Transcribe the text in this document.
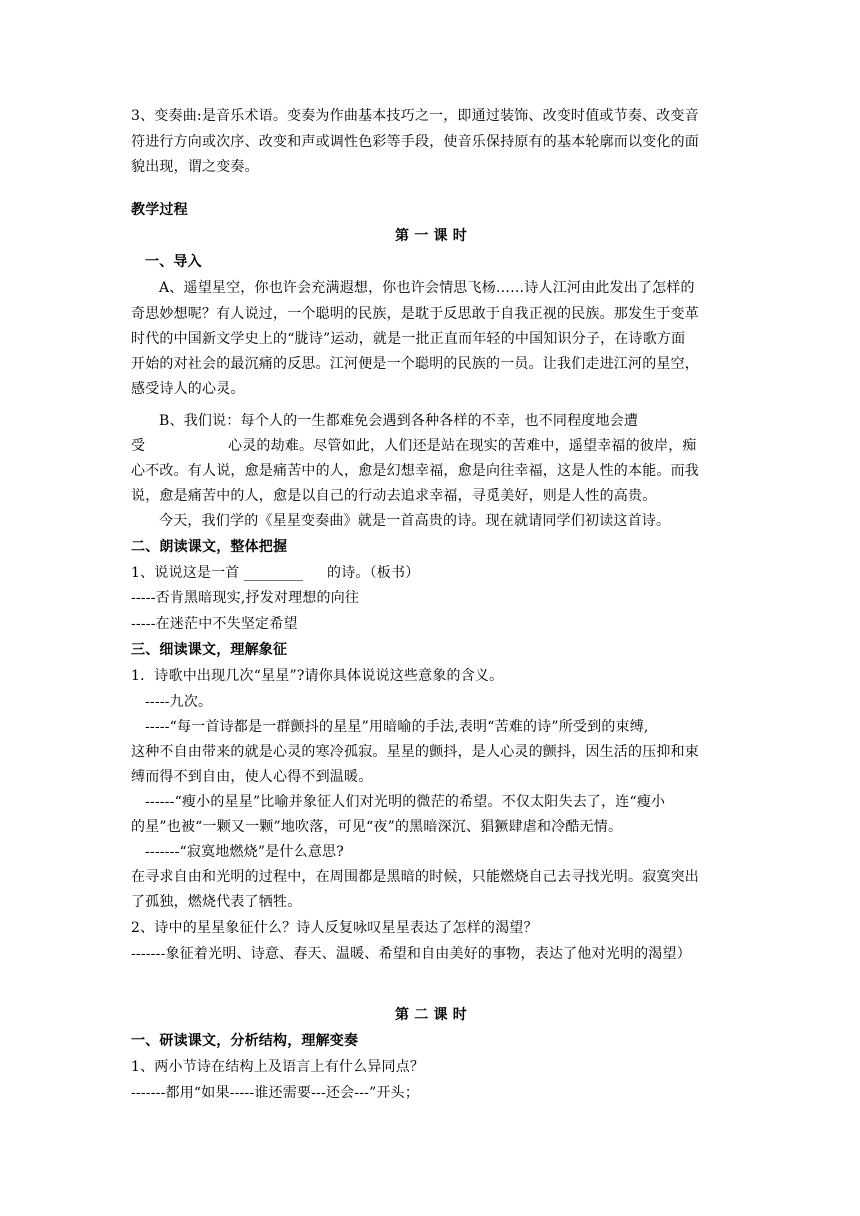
3、变奏曲:是音乐术语。变奏为作曲基本技巧之一，即通过装饰、改变时值或节奏、改变音
符进行方向或次序、改变和声或调性色彩等手段，使音乐保持原有的基本轮廓而以变化的面
貌出现，谓之变奏。
教学过程
第 一 课 时
一、导入
A、遥望星空，你也许会充满遐想，你也许会情思飞杨……诗人江河由此发出了怎样的
奇思妙想呢？有人说过，一个聪明的民族，是耽于反思敢于自我正视的民族。那发生于变革
时代的中国新文学史上的“胧诗”运动，就是一批正直而年轻的中国知识分子，在诗歌方面
开始的对社会的最沉痛的反思。江河便是一个聪明的民族的一员。让我们走进江河的星空，
感受诗人的心灵。
B、我们说：每个人的一生都难免会遇到各种各样的不幸，也不同程度地会遭
受	心灵的劫难。尽管如此，人们还是站在现实的苦难中，遥望幸福的彼岸，痴
心不改。有人说，愈是痛苦中的人，愈是幻想幸福，愈是向往幸福，这是人性的本能。而我
说，愈是痛苦中的人，愈是以自己的行动去追求幸福，寻觅美好，则是人性的高贵。
今天，我们学的《星星变奏曲》就是一首高贵的诗。现在就请同学们初读这首诗。
二、朗读课文，整体把握
1、说说这是一首 _______	的诗。（板书）
-----否肯黑暗现实,抒发对理想的向往
-----在迷茫中不失坚定希望
三、细读课文，理解象征
1．诗歌中出现几次“星星”?请你具体说说这些意象的含义。
-----九次。
-----“每一首诗都是一群颤抖的星星”用暗喻的手法,表明“苦难的诗”所受到的束缚,
这种不自由带来的就是心灵的寒冷孤寂。星星的颤抖，是人心灵的颤抖，因生活的压抑和束
缚而得不到自由，使人心得不到温暖。
------“瘦小的星星”比喻并象征人们对光明的微茫的希望。不仅太阳失去了，连“瘦小
的星”也被“一颗又一颗”地吹落，可见“夜”的黑暗深沉、猖獗肆虐和冷酷无情。
-------“寂寞地燃烧”是什么意思?
在寻求自由和光明的过程中，在周围都是黑暗的时候，只能燃烧自己去寻找光明。寂寞突出
了孤独，燃烧代表了牺牲。
2、诗中的星星象征什么？诗人反复咏叹星星表达了怎样的渴望？
-------象征着光明、诗意、春天、温暖、希望和自由美好的事物，表达了他对光明的渴望）
第 二 课 时
一、研读课文，分析结构，理解变奏
1、两小节诗在结构上及语言上有什么异同点？
-------都用“如果-----谁还需要---还会---”开头；
